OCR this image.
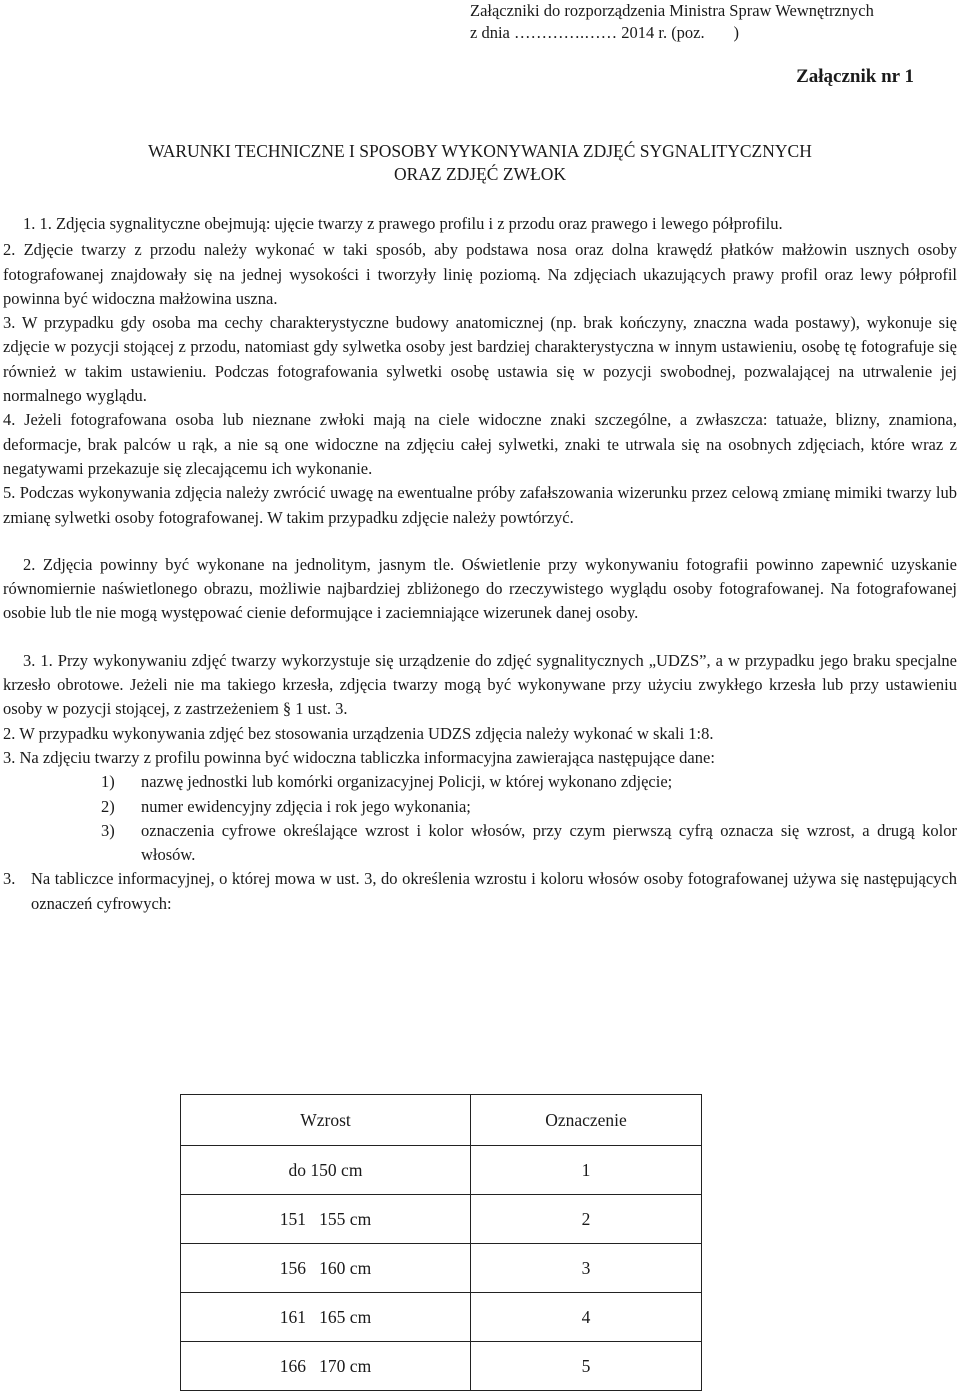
Załączniki do rozporządzenia Ministra Spraw Wewnętrznych
z dnia ………….…… 2014 r. (poz.       )
Załącznik nr 1
WARUNKI TECHNICZNE I SPOSOBY WYKONYWANIA ZDJĘĆ SYGNALITYCZNYCH
ORAZ ZDJĘĆ ZWŁOK

1. 1. Zdjęcia sygnalityczne obejmują: ujęcie twarzy z prawego profilu i z przodu oraz prawego i lewego półprofilu.

2. Zdjęcie twarzy z przodu należy wykonać w taki sposób, aby podstawa nosa oraz dolna krawędź płatków małżowin usznych osoby fotografowanej znajdowały się na jednej wysokości i tworzyły linię poziomą. Na zdjęciach ukazujących prawy profil oraz lewy półprofil powinna być widoczna małżowina uszna.

3. W przypadku gdy osoba ma cechy charakterystyczne budowy anatomicznej (np. brak kończyny, znaczna wada postawy), wykonuje się zdjęcie w pozycji stojącej z przodu, natomiast gdy sylwetka osoby jest bardziej charakterystyczna w innym ustawieniu, osobę tę fotografuje się również w takim ustawieniu. Podczas fotografowania sylwetki osobę ustawia się w pozycji swobodnej, pozwalającej na utrwalenie jej normalnego wyglądu.

4. Jeżeli fotografowana osoba lub nieznane zwłoki mają na ciele widoczne znaki szczególne, a zwłaszcza: tatuaże, blizny, znamiona, deformacje, brak palców u rąk, a nie są one widoczne na zdjęciu całej sylwetki, znaki te utrwala się na osobnych zdjęciach, które wraz z negatywami przekazuje się zlecającemu ich wykonanie.

5. Podczas wykonywania zdjęcia należy zwrócić uwagę na ewentualne próby zafałszowania wizerunku przez celową zmianę mimiki twarzy lub zmianę sylwetki osoby fotografowanej. W takim przypadku zdjęcie należy powtórzyć.

2. Zdjęcia powinny być wykonane na jednolitym, jasnym tle. Oświetlenie przy wykonywaniu fotografii powinno zapewnić uzyskanie równomiernie naświetlonego obrazu, możliwie najbardziej zbliżonego do rzeczywistego wyglądu osoby fotografowanej. Na fotografowanej osobie lub tle nie mogą występować cienie deformujące i zaciemniające wizerunek danej osoby.

3. 1. Przy wykonywaniu zdjęć twarzy wykorzystuje się urządzenie do zdjęć sygnalitycznych „UDZS”, a w przypadku jego braku specjalne krzesło obrotowe. Jeżeli nie ma takiego krzesła, zdjęcia twarzy mogą być wykonywane przy użyciu zwykłego krzesła lub przy ustawieniu osoby w pozycji stojącej, z zastrzeżeniem § 1 ust. 3.

2. W przypadku wykonywania zdjęć bez stosowania urządzenia UDZS zdjęcia należy wykonać w skali 1:8.

3. Na zdjęciu twarzy z profilu powinna być widoczna tabliczka informacyjna zawierająca następujące dane:

1)	nazwę jednostki lub komórki organizacyjnej Policji, w której wykonano zdjęcie;
2)	numer ewidencyjny zdjęcia i rok jego wykonania;
3)	oznaczenia cyfrowe określające wzrost i kolor włosów, przy czym pierwszą cyfrą oznacza się wzrost, a drugą kolor włosów.
3. Na tabliczce informacyjnej, o której mowa w ust. 3, do określenia wzrostu i koloru włosów osoby fotografowanej używa się następujących oznaczeń cyfrowych:
Wzrost	Oznaczenie
do 150 cm	1
151   155 cm	2
156   160 cm	3
161   165 cm	4
166   170 cm	5
